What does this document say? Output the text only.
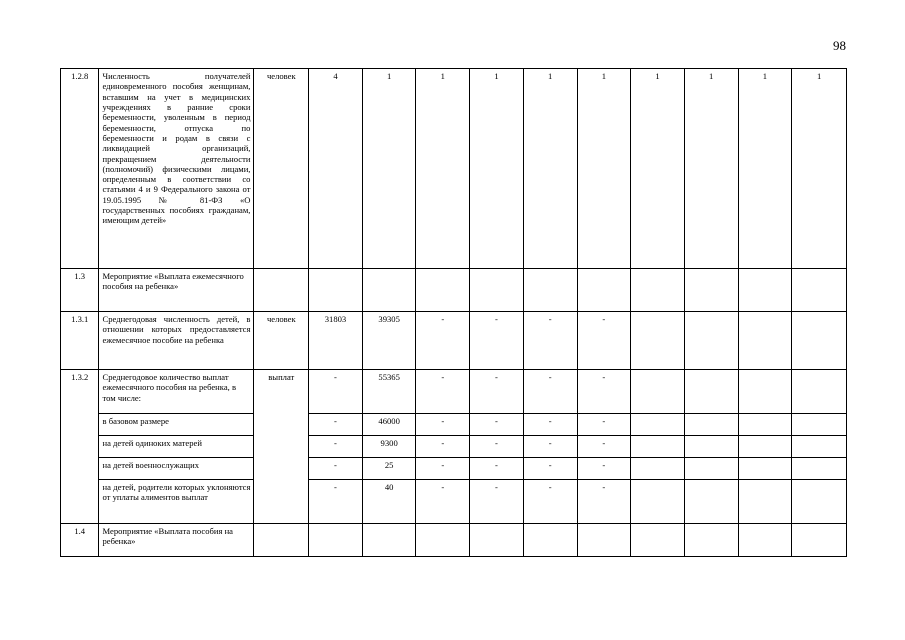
98
1.2.8	Численность получателей единовременного пособия женщинам, вставшим на учет в медицинских учреждениях в ранние сроки беременности, уволенным в период беременности, отпуска по беременности и родам в связи с ликвидацией организаций, прекращением деятельности (полномочий) физическими лицами, определенным в соответствии со статьями 4 и 9 Федерального закона от 19.05.1995 № 81-ФЗ «О государственных пособиях гражданам, имеющим детей»	человек	4	1	1	1	1	1	1	1	1	1
1.3	Мероприятие «Выплата ежемесячного пособия на ребенка»											
1.3.1	Среднегодовая численность детей, в отношении которых предоставляется ежемесячное пособие на ребенка	человек	31803	39305	-	-	-	-				
1.3.2	Среднегодовое количество выплат ежемесячного пособия на ребенка, в том числе:	выплат	-	55365	-	-	-	-				
	в базовом размере		-	46000	-	-	-	-				
	на детей одиноких матерей		-	9300	-	-	-	-				
	на детей военнослужащих		-	25	-	-	-	-				
	на детей, родители которых уклоняются от уплаты алиментов выплат		-	40	-	-	-	-				
1.4	Мероприятие «Выплата пособия на ребенка»											
